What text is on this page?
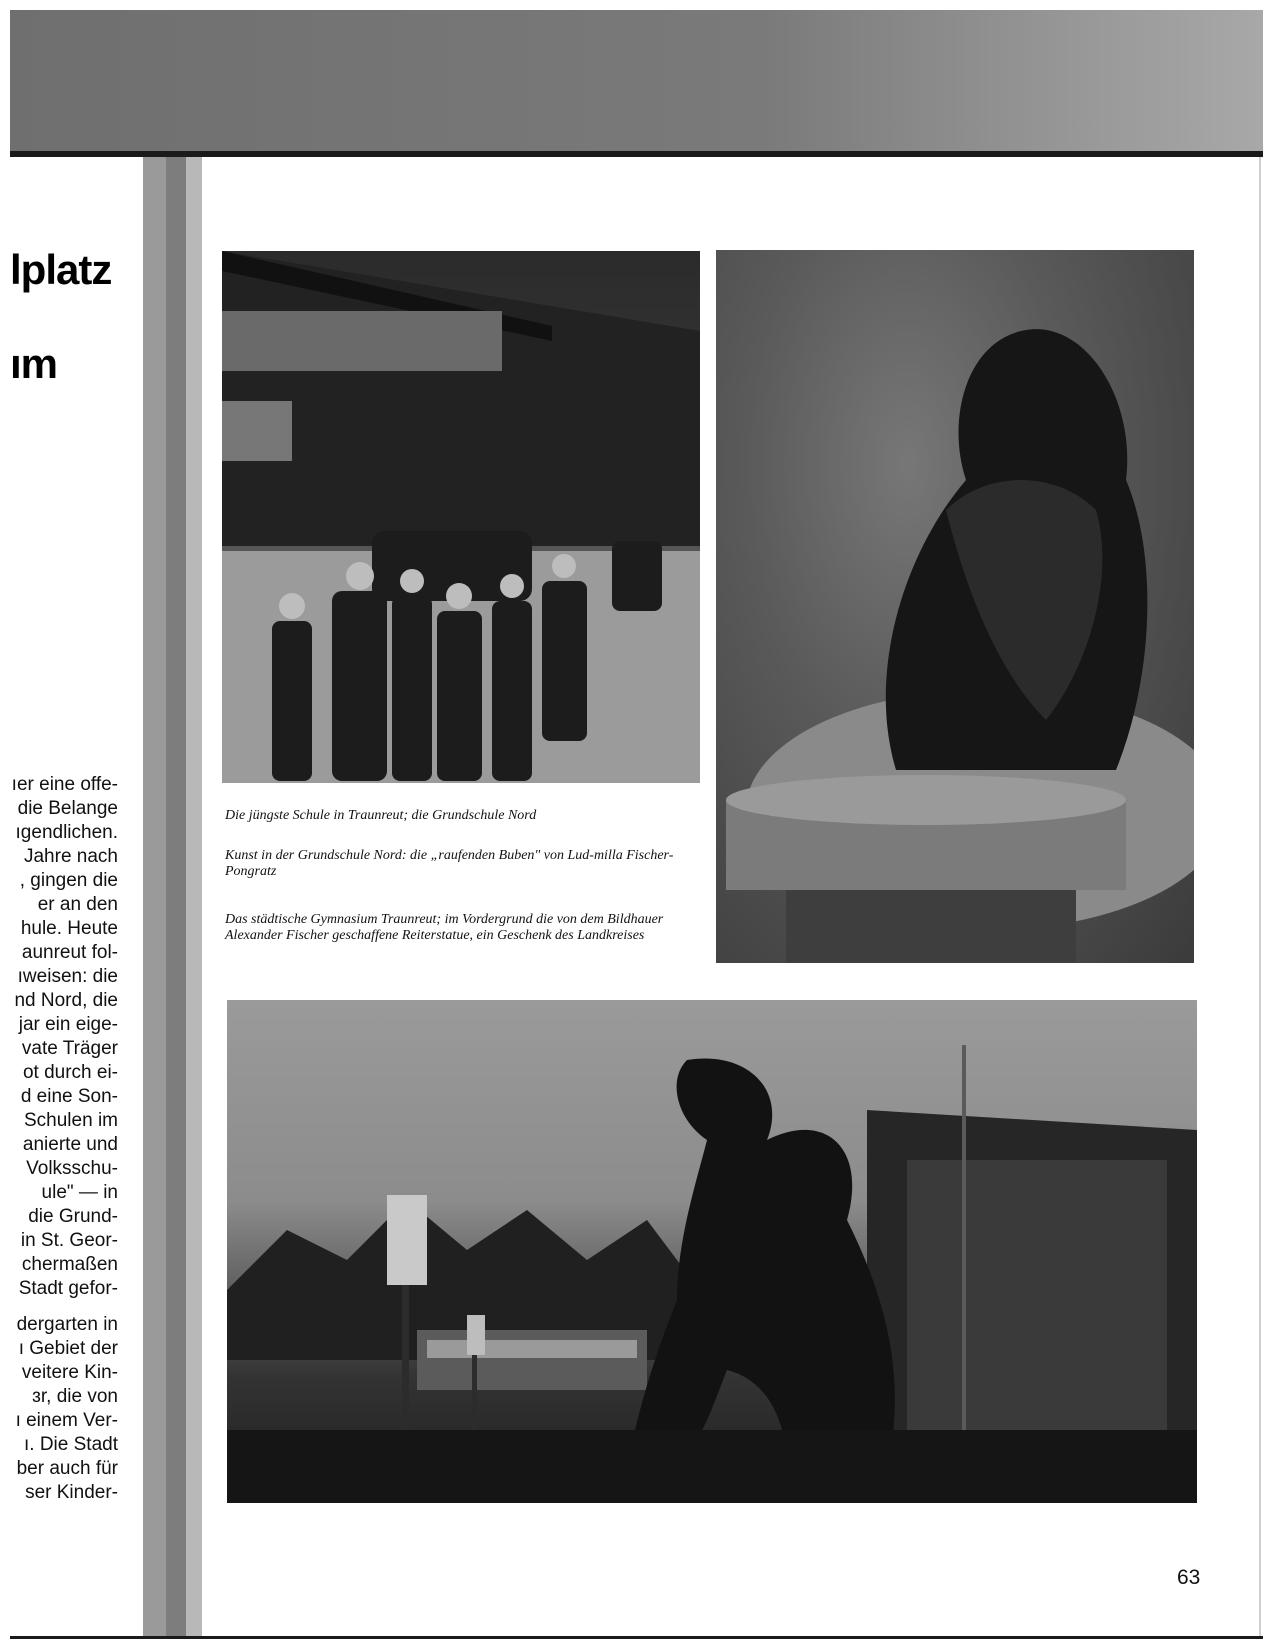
lplatz
ım
ıer eine offe-
die Belange
ıgendlichen.
Jahre nach
, gingen die
er an den
hule. Heute
aunreut fol-
ıweisen: die
nd Nord, die
jar ein eige-
vate Träger
ot durch ei-
d eine Son-
Schulen im
anierte und
Volksschu-
ule" — in
die Grund-
in St. Geor-
chermaßen
Stadt gefor-
dergarten in
ı Gebiet der
veitere Kin-
ɜr, die von
ı einem Ver-
ı. Die Stadt
ber auch für
ser Kinder-
Die jüngste Schule in Traunreut; die Grundschule Nord
Kunst in der Grundschule Nord: die „raufenden Buben" von Lud-milla Fischer-Pongratz
Das städtische Gymnasium Traunreut; im Vordergrund die von dem Bildhauer Alexander Fischer geschaffene Reiterstatue, ein Geschenk des Landkreises
63
